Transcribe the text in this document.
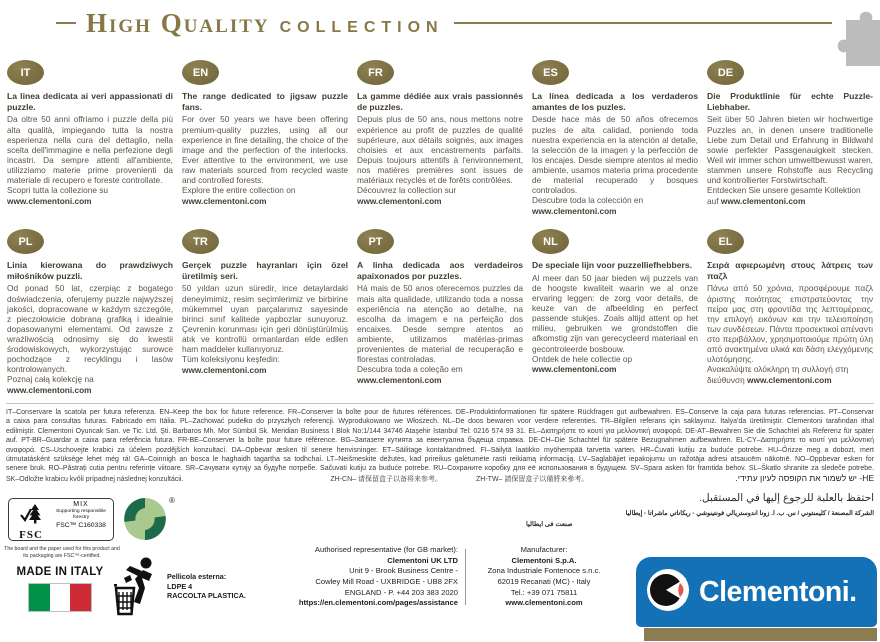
High Quality COLLECTION
IT
La linea dedicata ai veri appassionati di puzzle.

Da oltre 50 anni offriamo i puzzle della più alta qualità, impiegando tutta la nostra esperienza nella cura del dettaglio, nella scelta dell'immagine e nella perfezione degli incastri. Da sempre attenti all'ambiente, utilizziamo materie prime provenienti da materiale di recupero e foreste controllate.

Scopri tutta la collezione su www.clementoni.com

EN
The range dedicated to jigsaw puzzle fans.

For over 50 years we have been offering premium-quality puzzles, using all our experience in fine detailing, the choice of the image and the perfection of the interlocks. Ever attentive to the environment, we use raw materials sourced from recycled waste and controlled forests.

Explore the entire collection on www.clementoni.com

FR
La gamme dédiée aux vrais passionnés de puzzles.

Depuis plus de 50 ans, nous mettons notre expérience au profit de puzzles de qualité supérieure, aux détails soignés, aux images choisies et aux encastrements parfaits. Depuis toujours attentifs à l'environnement, nos matières premières sont issues de matériaux recyclés et de forêts contrôlées.

Découvrez la collection sur www.clementoni.com

ES
La línea dedicada a los verdaderos amantes de los puzles.

Desde hace más de 50 años ofrecemos puzles de alta calidad, poniendo toda nuestra experiencia en la atención al detalle, la selección de la imagen y la perfección de los encajes. Desde siempre atentos al medio ambiente, usamos materia prima procedente de material recuperado y bosques controlados.

Descubre toda la colección en www.clementoni.com

DE
Die Produktlinie für echte Puzzle-Liebhaber.

Seit über 50 Jahren bieten wir hochwertige Puzzles an, in denen unsere traditionelle Liebe zum Detail und Erfahrung in Bildwahl sowie perfekter Passgenauigkeit stecken. Weil wir immer schon umweltbewusst waren, stammen unsere Rohstoffe aus Recycling und kontrollierter Forstwirtschaft.

Entdecken Sie unsere gesamte Kollektion auf www.clementoni.com

PL
Linia kierowana do prawdziwych miłośników puzzli.

Od ponad 50 lat, czerpiąc z bogatego doświadczenia, oferujemy puzzle najwyższej jakości, dopracowane w każdym szczególe, z pieczołowicie dobraną grafiką i idealnie dopasowanymi elementami. Od zawsze z wrażliwością odnosimy się do kwestii środowiskowych, wykorzystując surowce pochodzące z recyklingu i lasów kontrolowanych.

Poznaj całą kolekcję na www.clementoni.com

TR
Gerçek puzzle hayranları için özel üretilmiş seri.

50 yıldan uzun süredir, ince detaylardaki deneyimimiz, resim seçimlerimiz ve birbirine mükemmel uyan parçalarımız sayesinde birinci sınıf kalitede yapbozlar sunuyoruz. Çevrenin korunması için geri dönüştürülmüş atık ve kontrollü ormanlardan elde edilen ham maddeler kullanıyoruz.

Tüm koleksiyonu keşfedin: www.clementoni.com

PT
A linha dedicada aos verdadeiros apaixonados por puzzles.

Há mais de 50 anos oferecemos puzzles da mais alta qualidade, utilizando toda a nossa experiência na atenção ao detalhe, na escolha da imagem e na perfeição dos encaixes. Desde sempre atentos ao ambiente, utilizamos matérias-primas provenientes de material de recuperação e florestas controladas.

Descubra toda a coleção em www.clementoni.com

NL
De speciale lijn voor puzzelliefhebbers.

Al meer dan 50 jaar bieden wij puzzels van de hoogste kwaliteit waarin we al onze ervaring leggen: de zorg voor details, de keuze van de afbeelding en perfect passende stukjes. Zoals altijd attent op het milieu, gebruiken we grondstoffen die afkomstig zijn van gerecycleerd materiaal en gecontroleerde bosbouw.

Ontdek de hele collectie op www.clementoni.com

EL
Σειρά αφιερωμένη στους λάτρεις των παζλ

Πάνω από 50 χρόνια, προσφέρουμε παζλ άριστης ποιότητας επιστρατεύοντας την πείρα μας στη φροντίδα της λεπτομέρειας, την επιλογή εικόνων και την τελειοποίηση των συνδέσεων. Πάντα προσεκτικοί απέναντι στο περιβάλλον, χρησιμοποιούμε πρώτη ύλη από ανακτημένα υλικά και δάση ελεγχόμενης υλοτόμησης.

Ανακαλύψτε ολόκληρη τη συλλογή στη διεύθυνση www.clementoni.com

IT–Conservare la scatola per futura referenza. EN–Keep the box for future reference. FR–Conserver la boîte pour de futures références. DE–Produktinformationen für spätere Rückfragen gut aufbewahren. ES–Conserve la caja para futuras referencias. PT–Conservar
a caixa para consultas futuras. Fabricado em Itália. PL–Zachować pudełko do przyszłych referencji. Wyprodukowano we Włoszech. NL–De doos bewaren voor verdere referenties. TR–Bilgileri referans için saklayınız. İtalya'da üretilmiştir. Clementoni tarafından ithal
edilmiştir. Clementoni Oyuncak San. ve Tic. Ltd. Şti. Barbaros Mh. Mor Sümbül Sk. Meridian Business I Blok No:1/144 34746 Ataşehir İstanbul Tel: 0216 574 93 31. EL–Διατηρήστε το κουτί για μελλοντική αναφορά. DE-AT–Bewahren Sie die Schachtel als Referenz für später
auf. PT-BR–Guardar a caixa para referência futura. FR-BE–Conserver la boîte pour future référence. BG–Запазете кутията за евентуална бъдеща справка. DE-CH–Die Schachtel für spätere Bezugnahmen aufbewahren. EL-CY–Διατηρήστε το κουτί για μελλοντική
αναφορά. CS–Uschovejte krabici za účelem pozdějších konzultací. DA–Opbevar æsken til senere henvisninger. ET–Säilitage kontaktandmed. FI–Säilytä laatikko myöhempää tarvetta varten. HR–Čuvati kutiju za buduće potrebe. HU–Őrizze meg a dobozt, mert
útmutatásként szüksége lehet még rá! GA–Coinnigh an bosca le haghaidh tagartha sa todhchaí. LT–Neišmeskite dėžutės, kad prireikus galėtumėte rasti reikiamą informaciją. LV–Saglabājiet iepakojumu un ražotāja adresi atsaucēm nākotnē. NO–Oppbevar esken for
senere bruk. RO–Păstrați cutia pentru referințe viitoare. SR–Сачувати кутију за будуће потребе. Sačuvati kutiju za buduće potrebe. RU–Сохраните коробку для её использования в будущем. SV–Spara asken för framtida behov. SL–Škatlo shranite za sledeče potrebe.
SK–Odložte krabicu kvôli prípadnej následnej konzultácii.	ZH-CN– 请保留盒子以备将来参考。	ZH-TW– 請保留盒子以備將來參考。	HE- יש לשמור את הקופסה לעיון עתידי.
احتفظ بالعلبة للرجوع إليها في المستقبل.
الشركة المصنعة / كليمنتوني / س. ب. ا. زونا اندوستريالي فونتينوشي - ريكاناتي ماشراتا - إيطاليا
صنعت فى ايطاليا
FSC
MIX
Supporting responsible forestry
FSC™ C160338
The board and the paper used for this product and its packaging are FSC™-certified.
®
MADE IN ITALY	Pellicola esterna:
LDPE 4
RACCOLTA PLASTICA.
Authorised representative (for GB market):
Clementoni UK LTD
Unit 9 - Brook Business Centre -
Cowley Mill Road - UXBRIDGE - UB8 2FX
ENGLAND - P. +44 203 383 2020
https://en.clementoni.com/pages/assistance
Manufacturer:
Clementoni S.p.A.
Zona Industriale Fontenoce s.n.c.
62019 Recanati (MC) - Italy
Tel.: +39 071 75811
www.clementoni.com	Clementoni.
